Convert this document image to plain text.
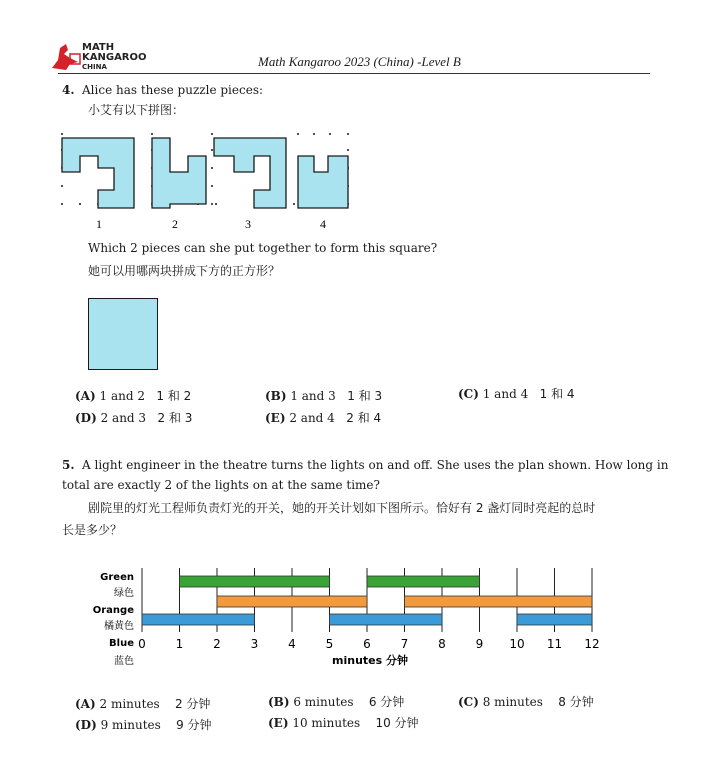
MATH
KANGAROO
CHINA	Math Kangaroo 2023 (China) -Level B
4. Alice has these puzzle pieces:
小艾有以下拼图：
1	2	3	4
Which 2 pieces can she put together to form this square?
她可以用哪两块拼成下方的正方形？
(A) 1 and 2 1 和 2	(B) 1 and 3 1 和 3	(C) 1 and 4 1 和 4
(D) 2 and 3 2 和 3	(E) 2 and 4 2 和 4
5. A light engineer in the theatre turns the lights on and off. She uses the plan shown. How long in
total are exactly 2 of the lights on at the same time?
剧院里的灯光工程师负责灯光的开关，她的开关计划如下图所示。恰好有 2 盏灯同时亮起的总时
长是多少？
0 1 2 3 4 5 6 7 8 9 10 11 12
Green
绿色
Orange
橘黄色
Blue
蓝色	minutes 分钟
(A) 2 minutes 2 分钟	(B) 6 minutes 6 分钟	(C) 8 minutes 8 分钟
(D) 9 minutes 9 分钟	(E) 10 minutes 10 分钟
